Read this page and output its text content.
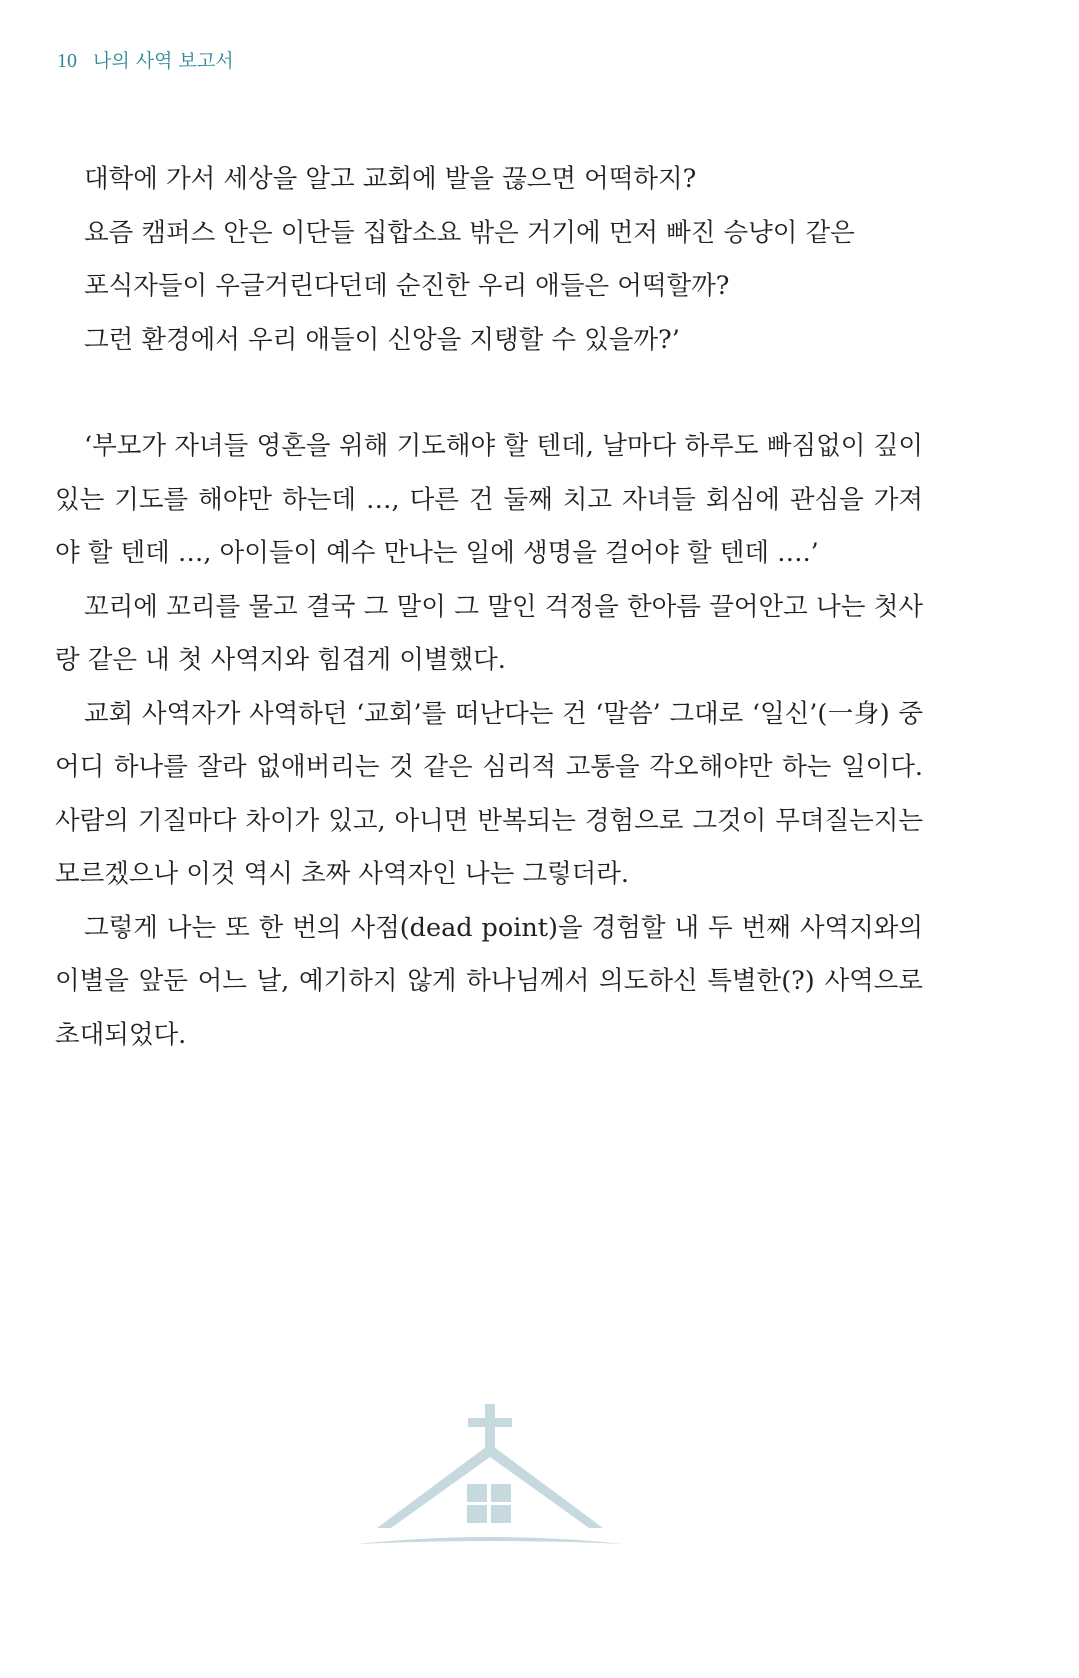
10 나의 사역 보고서

대학에 가서 세상을 알고 교회에 발을 끊으면 어떡하지?

요즘 캠퍼스 안은 이단들 집합소요 밖은 거기에 먼저 빠진 승냥이 같은

포식자들이 우글거린다던데 순진한 우리 애들은 어떡할까?

그런 환경에서 우리 애들이 신앙을 지탱할 수 있을까?’

‘부모가 자녀들 영혼을 위해 기도해야 할 텐데, 날마다 하루도 빠짐없이 깊이 있는 기도를 해야만 하는데 …, 다른 건 둘째 치고 자녀들 회심에 관심을 가져야 할 텐데 …, 아이들이 예수 만나는 일에 생명을 걸어야 할 텐데 ….’

꼬리에 꼬리를 물고 결국 그 말이 그 말인 걱정을 한아름 끌어안고 나는 첫사랑 같은 내 첫 사역지와 힘겹게 이별했다.

교회 사역자가 사역하던 ‘교회’를 떠난다는 건 ‘말씀’ 그대로 ‘일신’(一身) 중 어디 하나를 잘라 없애버리는 것 같은 심리적 고통을 각오해야만 하는 일이다. 사람의 기질마다 차이가 있고, 아니면 반복되는 경험으로 그것이 무뎌질는지는 모르겠으나 이것 역시 초짜 사역자인 나는 그렇더라.

그렇게 나는 또 한 번의 사점(dead point)을 경험할 내 두 번째 사역지와의 이별을 앞둔 어느 날, 예기하지 않게 하나님께서 의도하신 특별한(?) 사역으로 초대되었다.
